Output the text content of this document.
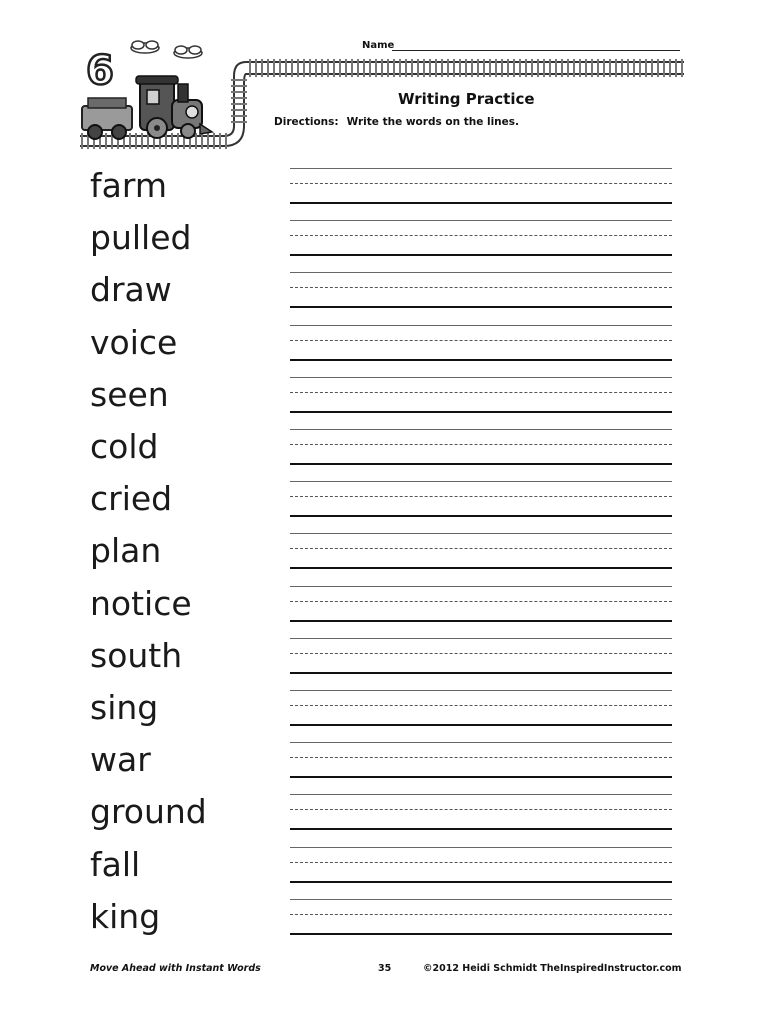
6
Name
Writing Practice
Directions: Write the words on the lines.
farm
pulled
draw
voice
seen
cold
cried
plan
notice
south
sing
war
ground
fall
king
Move Ahead with Instant Words	35	©2012 Heidi Schmidt TheInspiredInstructor.com
